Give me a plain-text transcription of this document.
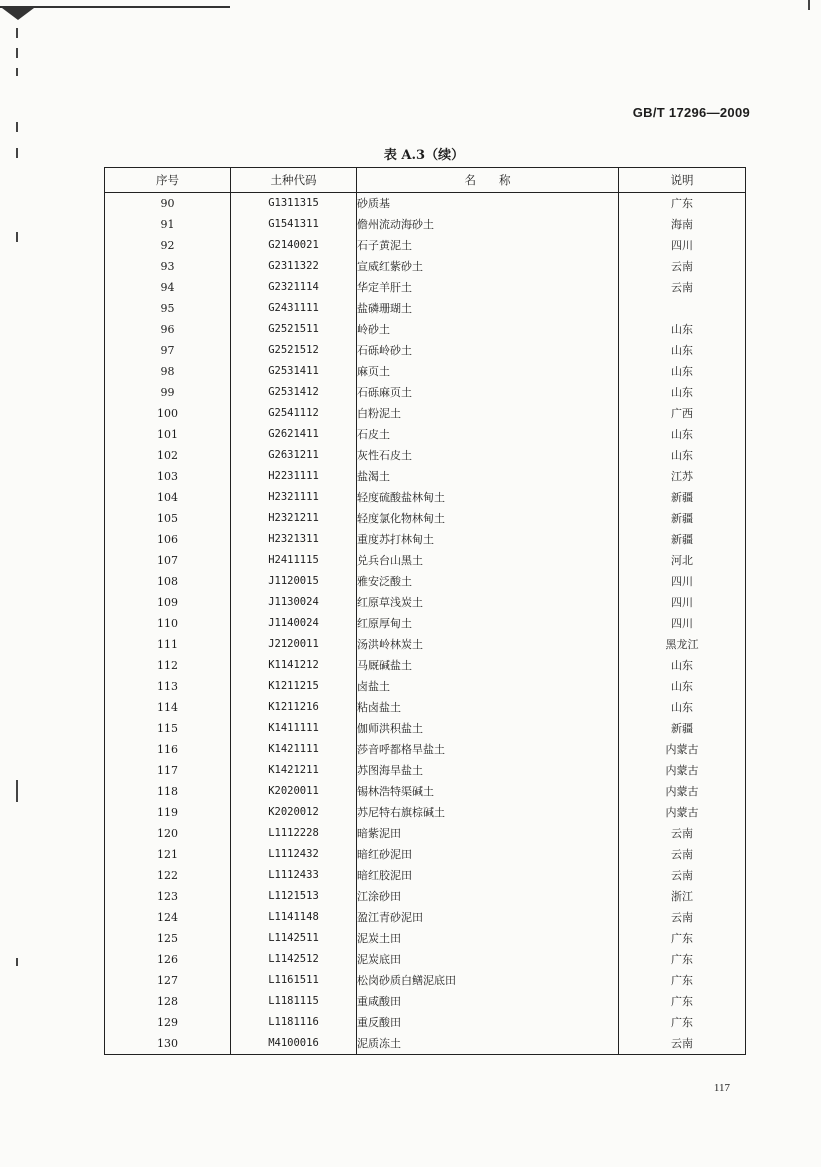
GB/T 17296—2009
表 A.3（续）
序号	土种代码	名　　称	说明
90	G1311315	砂质基	广东
91	G1541311	儋州流动海砂土	海南
92	G2140021	石子黄泥土	四川
93	G2311322	宣威红紫砂土	云南
94	G2321114	华定羊肝土	云南
95	G2431111	盐磷珊瑚土	
96	G2521511	岭砂土	山东
97	G2521512	石砾岭砂土	山东
98	G2531411	麻页土	山东
99	G2531412	石砾麻页土	山东
100	G2541112	白粉泥土	广西
101	G2621411	石皮土	山东
102	G2631211	灰性石皮土	山东
103	H2231111	盐渴土	江苏
104	H2321111	轻度硫酸盐林甸土	新疆
105	H2321211	轻度氯化物林甸土	新疆
106	H2321311	重度苏打林甸土	新疆
107	H2411115	兑兵台山黑土	河北
108	J1120015	雅安泛酸土	四川
109	J1130024	红原草浅炭土	四川
110	J1140024	红原厚甸土	四川
111	J2120011	汤洪岭林炭土	黑龙江
112	K1141212	马厩碱盐土	山东
113	K1211215	卤盐土	山东
114	K1211216	粘卤盐土	山东
115	K1411111	伽师洪积盐土	新疆
116	K1421111	莎音呼都格旱盐土	内蒙古
117	K1421211	苏图海旱盐土	内蒙古
118	K2020011	锡林浩特渠碱土	内蒙古
119	K2020012	苏尼特右旗棕碱土	内蒙古
120	L1112228	暗紫泥田	云南
121	L1112432	暗红砂泥田	云南
122	L1112433	暗红胶泥田	云南
123	L1121513	江涂砂田	浙江
124	L1141148	盈江青砂泥田	云南
125	L1142511	泥炭土田	广东
126	L1142512	泥炭底田	广东
127	L1161511	松岗砂质白鳝泥底田	广东
128	L1181115	重咸酸田	广东
129	L1181116	重反酸田	广东
130	M4100016	泥质冻土	云南
117
